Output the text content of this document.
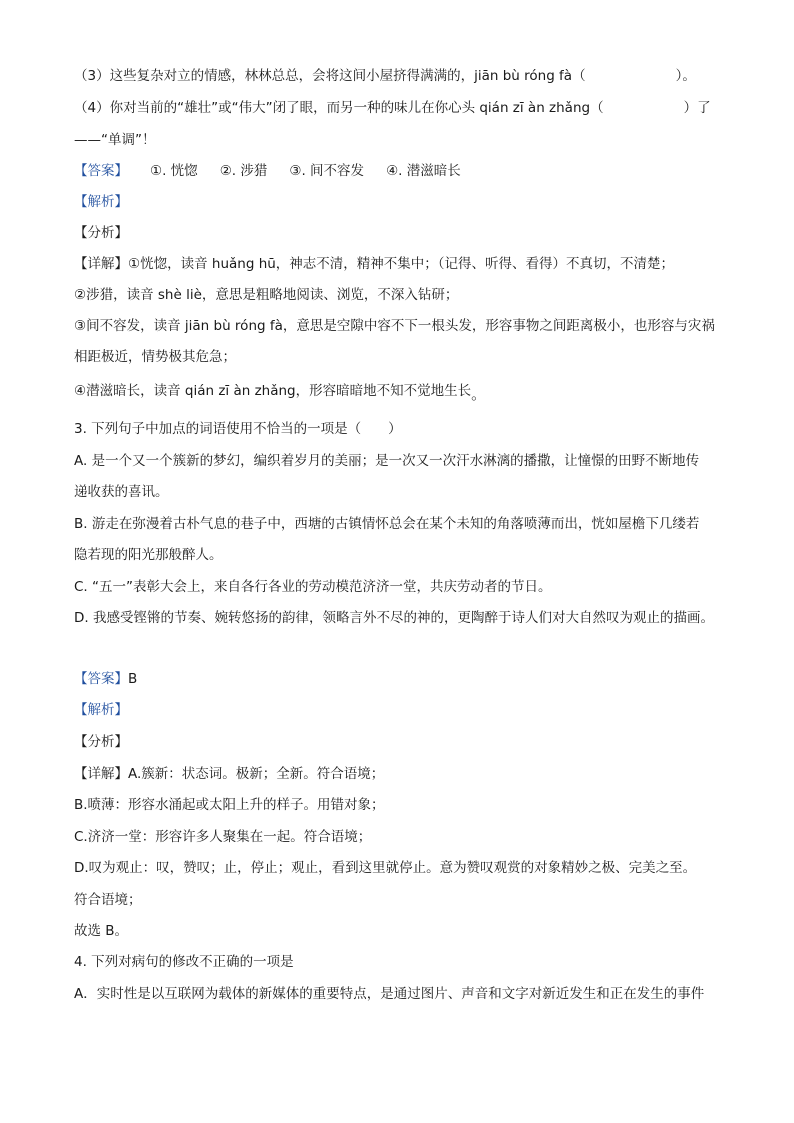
（3）这些复杂对立的情感，林林总总，会将这间小屋挤得满满的，jiān bù róng fà（	）。
（4）你对当前的“雄壮”或“伟大”闭了眼，而另一种的味儿在你心头 qián zī àn zhǎng（	）了
——“单调”！
【答案】 ①. 恍惚 ②. 涉猎 ③. 间不容发 ④. 潜滋暗长
【解析】
【分析】
【详解】①恍惚，读音 huǎng hū，神志不清，精神不集中；（记得、听得、看得）不真切，不清楚；
②涉猎，读音 shè liè，意思是粗略地阅读、浏览，不深入钻研；
③间不容发，读音 jiān bù róng fà，意思是空隙中容不下一根头发，形容事物之间距离极小，也形容与灾祸
相距极近，情势极其危急；
④潜滋暗长，读音 qián zī àn zhǎng，形容暗暗地不知不觉地生长。
3. 下列句子中加点的词语使用不恰当的一项是（　　）
A. 是一个又一个簇新的梦幻，编织着岁月的美丽；是一次又一次汗水淋漓的播撒，让憧憬的田野不断地传
递收获的喜讯。
B. 游走在弥漫着古朴气息的巷子中，西塘的古镇情怀总会在某个未知的角落喷薄而出，恍如屋檐下几缕若
隐若现的阳光那般醉人。
C. “五一”表彰大会上，来自各行各业的劳动模范济济一堂，共庆劳动者的节日。
D. 我感受铿锵的节奏、婉转悠扬的韵律，领略言外不尽的神的，更陶醉于诗人们对大自然叹为观止的描画。
【答案】B
【解析】
【分析】
【详解】A.簇新：状态词。极新；全新。符合语境；
B.喷薄：形容水涌起或太阳上升的样子。用错对象；
C.济济一堂：形容许多人聚集在一起。符合语境；
D.叹为观止：叹，赞叹；止，停止；观止，看到这里就停止。意为赞叹观赏的对象精妙之极、完美之至。
符合语境；
故选 B。
4. 下列对病句的修改不正确的一项是
A．实时性是以互联网为载体的新媒体的重要特点，是通过图片、声音和文字对新近发生和正在发生的事件
